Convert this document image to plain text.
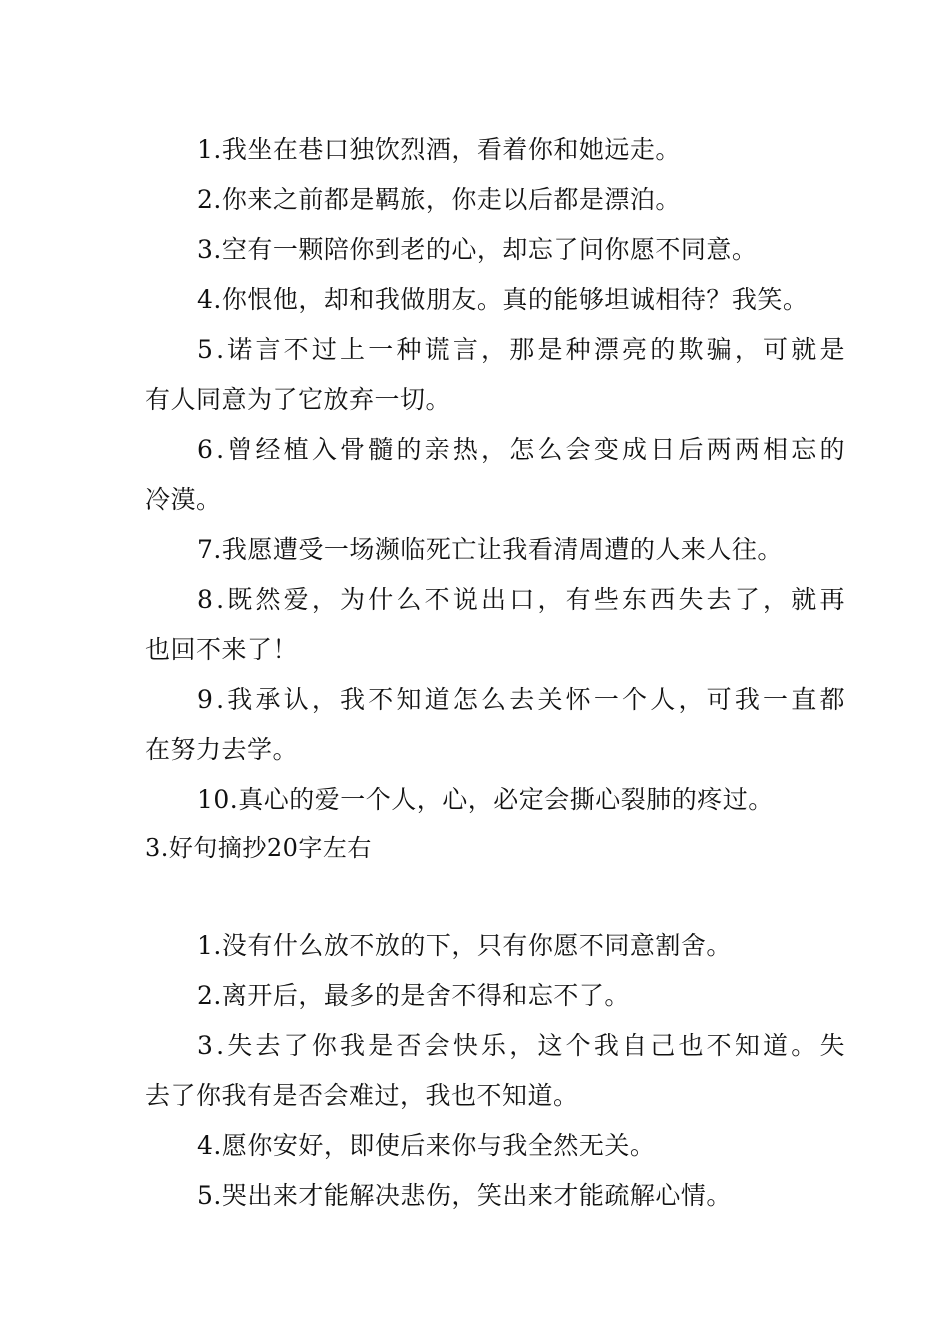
1.我坐在巷口独饮烈酒，看着你和她远走。
2.你来之前都是羁旅，你走以后都是漂泊。
3.空有一颗陪你到老的心，却忘了问你愿不同意。
4.你恨他，却和我做朋友。真的能够坦诚相待？我笑。
5.诺言不过上一种谎言，那是种漂亮的欺骗，可就是
有人同意为了它放弃一切。
6.曾经植入骨髓的亲热，怎么会变成日后两两相忘的
冷漠。
7.我愿遭受一场濒临死亡让我看清周遭的人来人往。
8.既然爱，为什么不说出口，有些东西失去了，就再
也回不来了！
9.我承认，我不知道怎么去关怀一个人，可我一直都
在努力去学。
10.真心的爱一个人，心，必定会撕心裂肺的疼过。
3.好句摘抄20字左右
1.没有什么放不放的下，只有你愿不同意割舍。
2.离开后，最多的是舍不得和忘不了。
3.失去了你我是否会快乐，这个我自己也不知道。失
去了你我有是否会难过，我也不知道。
4.愿你安好，即使后来你与我全然无关。
5.哭出来才能解决悲伤，笑出来才能疏解心情。
